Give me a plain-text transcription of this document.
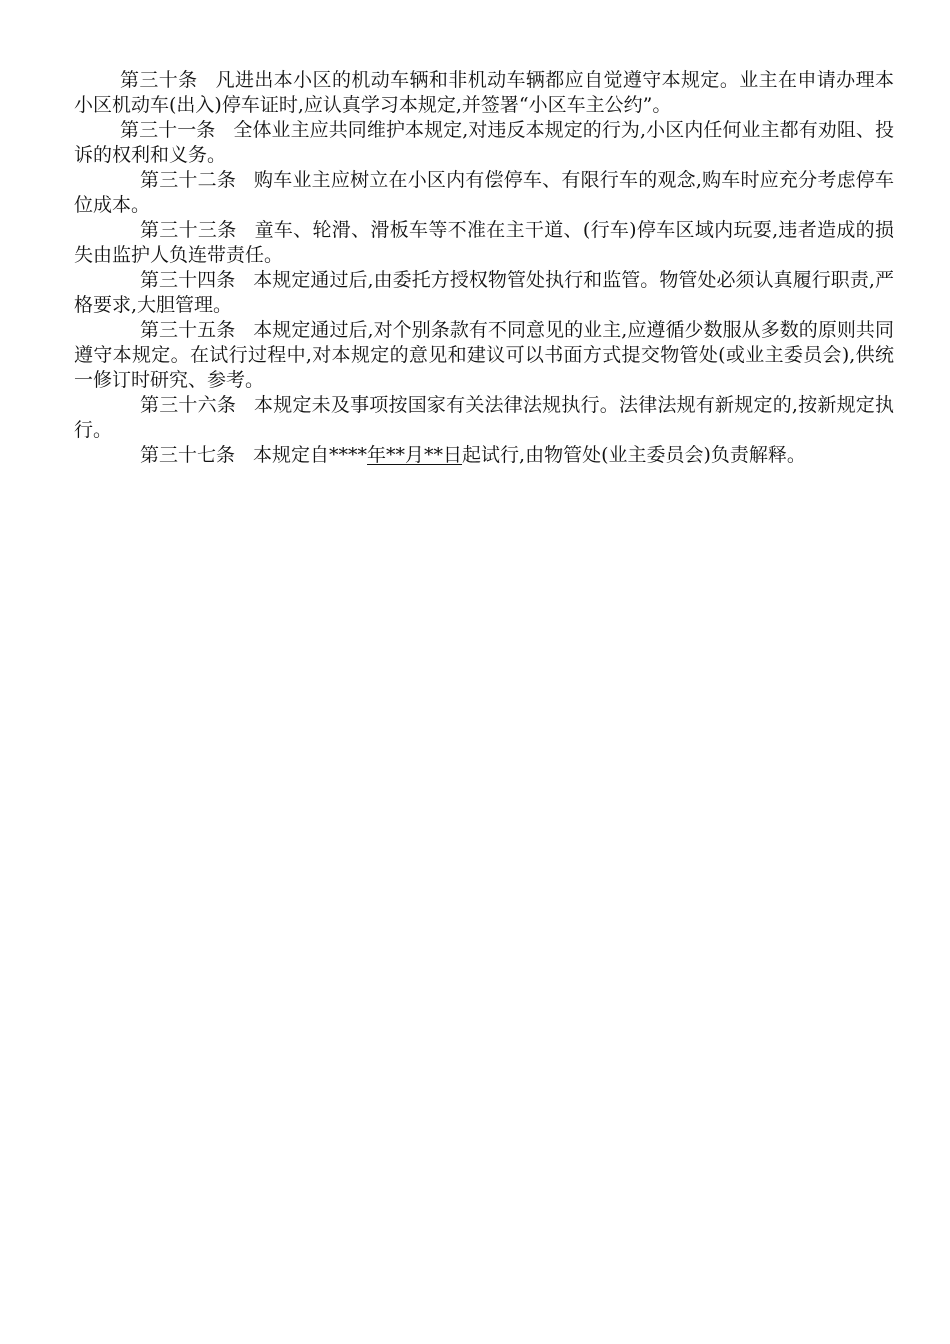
第三十条 凡进出本小区的机动车辆和非机动车辆都应自觉遵守本规定。业主在申请办理本小区机动车(出入)停车证时,应认真学习本规定,并签署“小区车主公约”。

第三十一条 全体业主应共同维护本规定,对违反本规定的行为,小区内任何业主都有劝阻、投诉的权利和义务。

第三十二条 购车业主应树立在小区内有偿停车、有限行车的观念,购车时应充分考虑停车位成本。

第三十三条 童车、轮滑、滑板车等不准在主干道、(行车)停车区域内玩耍,违者造成的损失由监护人负连带责任。

第三十四条 本规定通过后,由委托方授权物管处执行和监管。物管处必须认真履行职责,严格要求,大胆管理。

第三十五条 本规定通过后,对个别条款有不同意见的业主,应遵循少数服从多数的原则共同遵守本规定。在试行过程中,对本规定的意见和建议可以书面方式提交物管处(或业主委员会),供统一修订时研究、参考。

第三十六条 本规定未及事项按国家有关法律法规执行。法律法规有新规定的,按新规定执行。

第三十七条 本规定自****年**月**日起试行,由物管处(业主委员会)负责解释。
